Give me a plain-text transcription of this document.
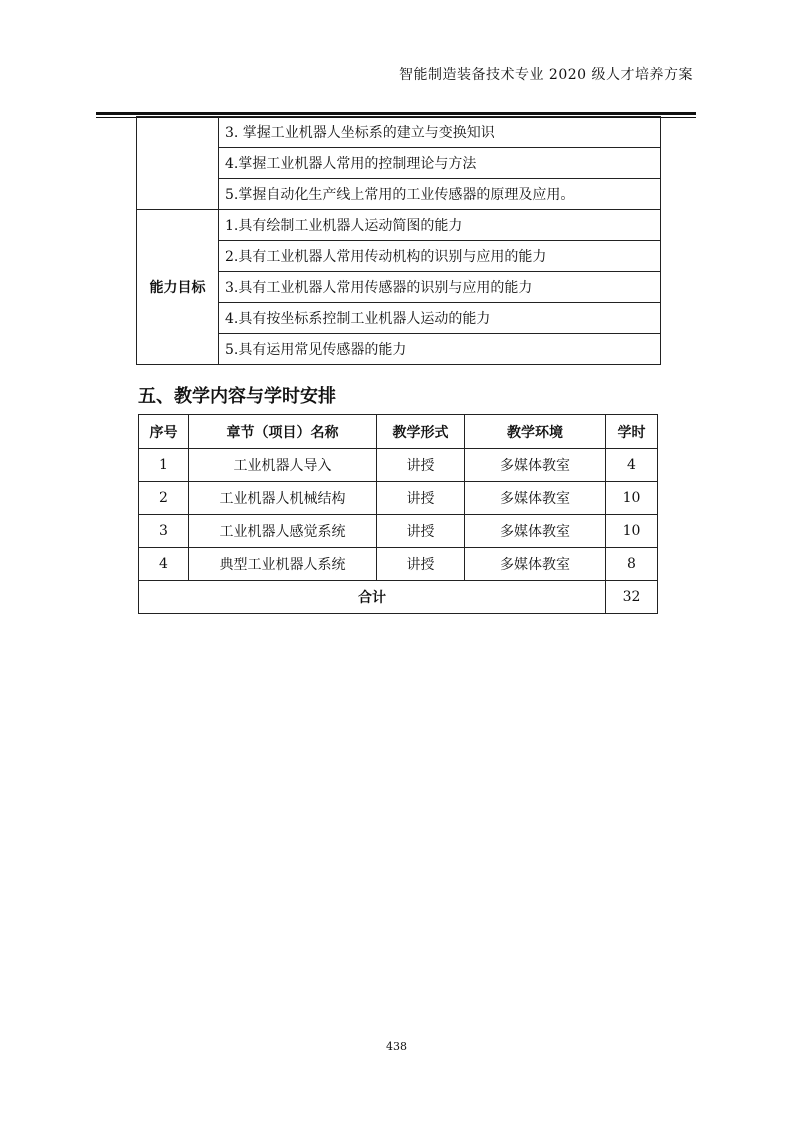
智能制造装备技术专业 2020 级人才培养方案
	3. 掌握工业机器人坐标系的建立与变换知识
	4.掌握工业机器人常用的控制理论与方法
	5.掌握自动化生产线上常用的工业传感器的原理及应用。
能力目标	1.具有绘制工业机器人运动简图的能力
	2.具有工业机器人常用传动机构的识别与应用的能力
	3.具有工业机器人常用传感器的识别与应用的能力
	4.具有按坐标系控制工业机器人运动的能力
	5.具有运用常见传感器的能力
五、教学内容与学时安排
序号	章节（项目）名称	教学形式	教学环境	学时
1	工业机器人导入	讲授	多媒体教室	4
2	工业机器人机械结构	讲授	多媒体教室	10
3	工业机器人感觉系统	讲授	多媒体教室	10
4	典型工业机器人系统	讲授	多媒体教室	8
合计				32
438
